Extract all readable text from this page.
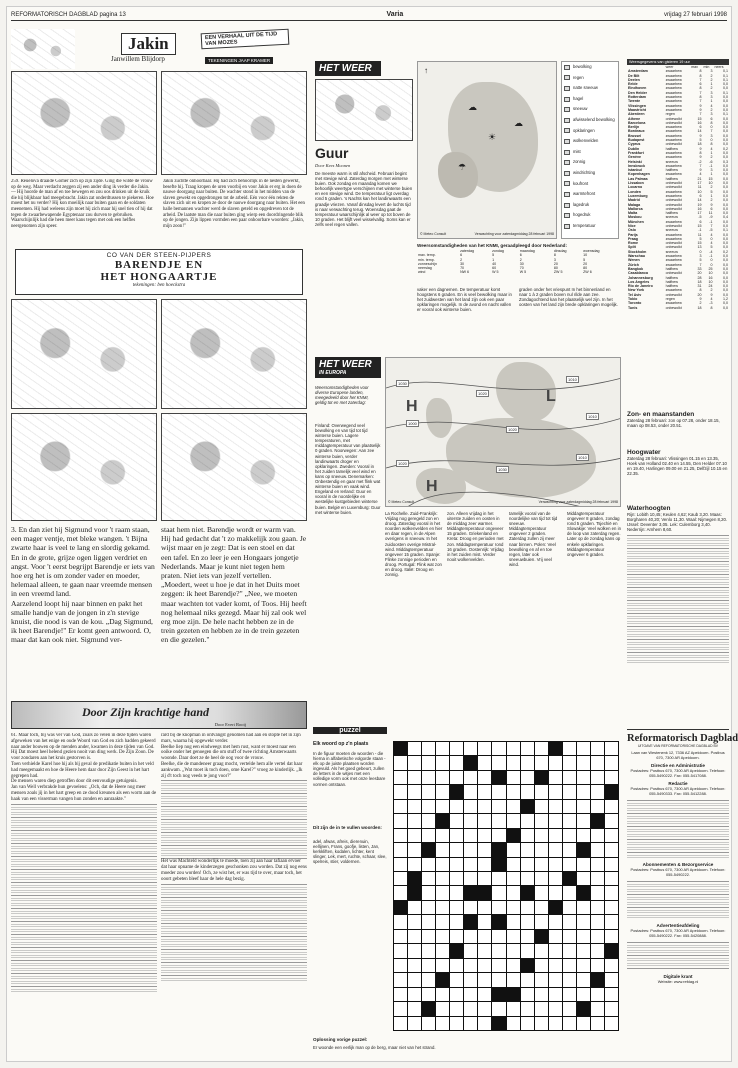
REFORMATORISCH DAGBLAD pagina 13	Varia	vrijdag 27 februari 1998
Jakin	EEN VERHAAL UIT DE TIJD VAN MOZES
Janwillem Blijdorp	TEKENINGEN JAAP KRAMER
259. Reuelova draaide Gomer zich op zijn zijde. Ging die wilde de vrouw op de weg. Maar verdacht zeggen zij een ander ding ik verder die Jakin. — Hij hoorde de man af en toe bewegen en zou oos drinken uit de kruik die hij blijkbaar had meegebracht. Jakin zat onderdtussen te piekeren. Hoe moest het nu verder? Hij kon moeilijk naar buiten gaan en de soldaten meenemen. Hij had weleens zijn moet hij zich maar hij snel tien of hij dat tegen de zwaarbewapende Egyptenaar zou durven te gebruiken. Waarschijnlijk had die heen meer kans tegen met ook een helfles neergenomen zijn speer.
Jakin zuchtte onhoorbaar. Hij had zich behoorlijk in de nesten gewerkt, besefte hij. Traag kropen de uren voorbij en voor Jakin er erg in doen de nauwe doorgang naar buiten. De wachter stond in het midden van de slaven gewekt en opgedrongen tot de arbeid. Eén voor één rekten de slaven zich uit en kropen ze door de nauwe doorgang naar buiten. Het een halle bemannen wachter werd de slaven geteld en opgedreven tot de arbeid. De laatste man die naar buiten ging wierp een doordringende blik op de jongen. Zijn lippen vormden een paar onhoorbare woorden: „Jakin, mijn zoon!"
CO VAN DER STEEN-PIJPERS
BARENDJE EN
HET HONGAARTJE
tekeningen: ben hoeckstra
3. En dan ziet hij Sigmund voor 't raam staan, een mager ventje, met bleke wangen. 't Bijna zwarte haar is veel te lang en slordig gekamd. En in de grote, grijze ogen liggen verdriet en angst. Voor 't eerst begrijpt Barendje er iets van hoe erg het is om zonder vader en moeder, helemaal alleen, te gaan naar vreemde mensen in een vreemd land.
Aarzelend loopt hij naar binnen en pakt het smalle handje van de jongen in z'n stevige knuist, die nood is van de kou. „Dag Sigmund, ik heet Barendje!" Er komt geen antwoord. O, maar dat kan ook niet. Sigmund ver-
staat hem niet. Barendje wordt er warm van. Hij had gedacht dat 't zo makkelijk zou gaan. Je wijst maar en je zegt: Dat is een stoel en dat een tafel. En zo leer je een Hongaars jongetje Nederlands. Maar je kunt niet tegen hem praten. Niet iets van jezelf vertellen.
„Moedert, weet u hoe je dat in het Duits moet zeggen: ik heet Barendje?" „Nee, we moeten maar wachten tot vader komt, of Toos. Hij heeft nog helemaal niks gezegd. Maar hij zal ook wel erg moe zijn. De hele nacht hebben ze in de trein gezeten en hebben ze in de trein gezeten en die gezelen."
Door Zijn krachtige hand
Door Evert Rooij
61. Maar toch, bij was ver van God, zoals zo velen in deze tijden waren afgeweken van het enige en oude Woord van God en zich hadden gekeerd naar ander bouwen op de menden ander, kwamen in deze tijden van God. Hij Dat moest heel helend gezien nooit van ding werk. De Zijn Zoon. De voor zondaren aan het kruis gestorven is.
Toen verhielde Karel hoe hij als bij geval de predikatie buiten in het veld had meegemaakt en hoe de Heere hem daar door Zijn Geest in het hart gegrepen had.
De mensen waren diep getroffen door dit eenvoudige getuigenis.
Jan van Well verbrakde hun gevoelens: „Och, dat de Heere nog meer mensen zoals jij in het hart greep en ze dood kreunen als een worm aan de haak van een visserman vangen hun zonden en aanraakte."
rard bij de knopman in ontvangst genomen had aan en stopte het in zijn mars, waarna hij opgewekt verder.
Beelke liep nog een eindweegs met hem rust, want er moest naar een ooike onder het genoegen die om stuff of twee richting Amsterwaarts woonde. Daar doet ze de heel de oog voor de vrouw.
Beelke, die de mandeneer graag mocht, vertelde hem alle vertel dat haar aankwam. „Wat moet ik toch doen, ome Karel?" vroeg ze kinderlijk. „Ik zij d't toch nog veeds te jong voor?"
Het was Machteld wonderlijk te moede, toen zij aan haar tafiaan ervoer dat haar opname de kinderzegen geschonken zou worden. Dat zij nog eens moeder zou worden! Och, ze wist het, er was tijd te over, maar toch, het ooort gebeten bleef haar de hele dag bezig.
HET WEER
Guur
Door Kees Moonen
De meeste warm is stil afscheid. Februari begint met stevige wind. Zaterdag morgen met winterse buien. Ook zondag en maandag komen we behoorlijk weertype verschijnen met winterse buien en een stevige wind. De temperatuur ligt overdag rond 5 graden. 's Nachts kan het landinwaarts een graadje vriezen. Vanaf dinsdag levert de luchts tijd is naar verwachting terug. Woensdag gaat de temperatuur waarschijnlijk al weer op tot boven de 10 graden. Het blijft veel wisselvallig. Soms kan er zelfs veel regen vallen.
© Meteo Consult	Verwachting voor zaterdagmiddag 28 februari 1998
↑
☀
☁
☁
☂
bewolking
regen
natte sneeuw
hagel
sneeuw
afwisselend bewolking
opklaringen
wolkenvelden
mist
zonnig
windrichting
koufront
warmtefront
lagedruk
hogedruk
temperatuur
Weersomstandigheden van het KNMI, geraadpleegd door Nederland:
	zaterdag	zondag	maandag	dinsdag	woensdag
max. temp.	6	5	6	8	10
min. temp.	2	1	2	3	5
zonneschijn	30	40	30	20	20
neerslag	70	60	70	80	80
wind	NW 6	W 5	W 5	ZW 5	ZW 6
vaker een dagnemen. De temperatuur komt hoogstens 6 graden. En is veel bewolking maar in het zuidwesten van het land zijn ook een paar opklaringen mogelijk. In de avond en nacht vallen er vooral ook winterse buien.
graden onder het vriespunt In het binnenland en naar 1 à 2 graden boven nul rilde aan zee. Zondagochtend kan het plaatselijk wel zijn. In het oosten van het land zijn brede opklaringen mogelijk.
HET WEER
IN EUROPA
1030
1020
1010
1000
1020
1010
1020
1030
1010
H
H
L
© Meteo Consult	Verwachting voor zaterdagmiddag 28 februari 1998
Weersomstandigheden voor diverse Europese landen, meegedeeld door het KNMI, geldig tot en met zaterdag:
Finland: Overwegend veel bewolking en van tijd tot tijd winterse buien. Lagere temperaturen, met middagtemperatuur van plaatselijk 0 graden. Noorwegen: Aan zee winterse buien, verder landinwaarts droger en opklaringen. Zweden: Vooral in het zuiden tamelijk veel wind en kans op sneeuw. Denemarken: Onbestendig en gaar met flink wat winterse buien en vaak wind. Engeland en Ierland: Guur en vooral in de noordelijke en westelijke kustgebieden winterse buien. België en Luxemburg: Guur met winterse buien.	La Rochelle. Zuid-Frankrijk: Vrijdag nog geregeld zon en droog. Zaterdag vooral in het noorden wolkenvelden en hier en daar regen, in de Alpen overigens in sneeuw. In het zuidoosten overige Mistral-wind. Middagtemperatuur ongeveer 15 graden. Spanje: Flinke zonnige perioden en droog. Portugal: Flink wat zon en droog. Italië: Droog en zonnig.
zon. Alleen vrijdag in het uiterste zuiden en oosten in de middag zeer warmer. Middagtemperatuur ongeveer 15 graden. Griekenland en Kreta: Droog en perioden met zon. Middagtemperatuur rond 16 graden. Oostenrijk: Vrijdag in het zuiden mist. Verder nooit wolkenvelden.
tamelijk vooral van de noordelijke van tijd tot tijd sneeuw. Middagtemperatuur ongeveer 2 graden. Zaterdag zullen zij meer naar binnen. Polen: Veel bewolking en af en toe regen, later ook sneeuwbuien. Vrij veel wind.
Middagtemperatuur ongeveer 8 graden, zondag rond 5 graden. Tsjechië en Slowakije: Veel wolken en in de loop van zaterdag regen. Later op de zondag kans op enkele opklaringen. Middagtemperatuur ongeveer 6 graden.
puzzel
Elk woord op z'n plaats
In de figuur moeten de woorden - die hierna in alfabetische volgorde staan - elk op de juiste plaatsen worden ingevuld. Als het goed gebeurt, zullen de letters in de witjes met een volledige vorm ook met onze leesbare vormen ontstaan.
Dit zijn de in te vullen woorden:
adel, afwas, afreis, dierenuin, eellijnen, Frans, goofje, listen, Jan, kerkkliften, kodalen, lichter, kent slinger, Lek, mert, ruchte, schaar, slee, spelreis, stier, voldernen.
Oplossing vorige puzzel:
Er woonde een eerlijk man op de berg, maar niet van het strand.
Weersgegevens van gisteren 19 uur
	weer	max	min	neers
Amsterdam	zwaarbew	8	3	0,1
De Bilt	zwaarbew	8	2	0,1
Deelen	zwaarbew	7	2	0,1
Eelde	zwaarbew	6	1	0,0
Eindhoven	zwaarbew	8	2	0,0
Den Helder	zwaarbew	7	3	0,1
Rotterdam	zwaarbew	8	3	0,0
Twente	zwaarbew	7	1	0,0
Vlissingen	zwaarbew	9	4	0,0
Maastricht	zwaarbew	9	2	0,0
Aberdeen	regen	7	3	0,1
Athene	onbewolkt	15	6	0,0
Barcelona	onbewolkt	16	8	0,0
Berlijn	zwaarbew	6	0	0,0
Bordeaux	zwaarbew	14	7	0,0
Brussel	zwaarbew	9	3	0,0
Budapest	zwaarbew	5	0	0,0
Cyprus	onbewolkt	18	8	0,0
Dublin	halfbew	9	4	0,2
Frankfurt	zwaarbew	8	1	0,0
Genève	zwaarbew	9	2	0,0
Helsinki	sneeuw	-2	-6	0,3
Innsbruck	zwaarbew	7	-1	0,0
Istanbul	halfbew	9	3	0,0
Kopenhagen	zwaarbew	4	1	0,0
Las Palmas	halfbew	21	15	0,0
Lissabon	onbewolkt	17	10	0,0
Locarno	onbewolkt	11	2	0,0
Londen	zwaarbew	10	5	0,0
Luxemburg	zwaarbew	6	1	0,0
Madrid	onbewolkt	14	2	0,0
Malaga	onbewolkt	19	9	0,0
Mallorca	onbewolkt	16	6	0,0
Malta	halfbew	17	11	0,0
Moskou	sneeuw	-5	-9	0,4
München	zwaarbew	6	-1	0,0
Nice	onbewolkt	15	7	0,0
Oslo	sneeuw	-1	-5	0,1
Parijs	zwaarbew	11	4	0,0
Praag	zwaarbew	5	0	0,0
Rome	onbewolkt	15	4	0,0
Split	onbewolkt	13	5	0,0
Stockholm	sneeuw	0	-4	0,2
Warschau	zwaarbew	3	-1	0,0
Wenen	zwaarbew	5	0	0,0
Zürich	zwaarbew	7	0	0,0
Bangkok	halfbew	33	25	0,0
Casablanca	onbewolkt	20	10	0,0
Johannesburg	halfbew	28	16	0,0
Los Angeles	halfbew	18	10	0,0
Rio de Janeiro	halfbew	31	24	0,0
New York	zwaarbew	8	2	0,0
Tel Aviv	onbewolkt	20	9	0,0
Tokio	regen	9	4	1,2
Toronto	zwaarbew	2	-3	0,0
Tunis	onbewolkt	18	8	0,0
Zon- en maanstanden
Zaterdag 28 februari: zon op 07.28, onder 18.15, maan op 08.53, onder 20.51.
Hoogwater
Zaterdag 28 februari: Vlissingen 01.15 en 13.35, Hoek van Holland 02.40 en 14.55, Den Helder 07.10 en 19.40, Harlingen 09.00 en 21.25, Delfzijl 10.15 en 22.35.
Waterhoogten
Rijn: Lobith 10,45; Keulen 4,62; Kaub 3,20. Maas: Borgharen 40,20; Venlo 11,30. Waal: Nijmegen 8,20. IJssel: Deventer 3,05. Lek: Culemborg 3,40. Nederrijn: Arnhem 8,60.
Reformatorisch Dagblad
UITGAVE VAN REFORMATORISCHE DAGBLAD BV
Laan van Westenenk 12, 7336 AZ Apeldoorn. Postbus 670, 7300 AR Apeldoorn.
Directie en Administratie
Postadres: Postbus 670, 7300 AR Apeldoorn. Telefoon: 055-5490222. Fax: 055-5417088.
Redactie
Postadres: Postbus 670, 7300 AR Apeldoorn. Telefoon: 055-5490333. Fax: 055-5412288.
Abonnementen & Bezorgservice
Postadres: Postbus 670, 7300 AR Apeldoorn. Telefoon: 055-5490222.
Advertentieafdeling
Postadres: Postbus 670, 7300 AR Apeldoorn. Telefoon: 055-5490222. Fax: 055-5420888.
Digitale krant
Website: www.refdag.nl
